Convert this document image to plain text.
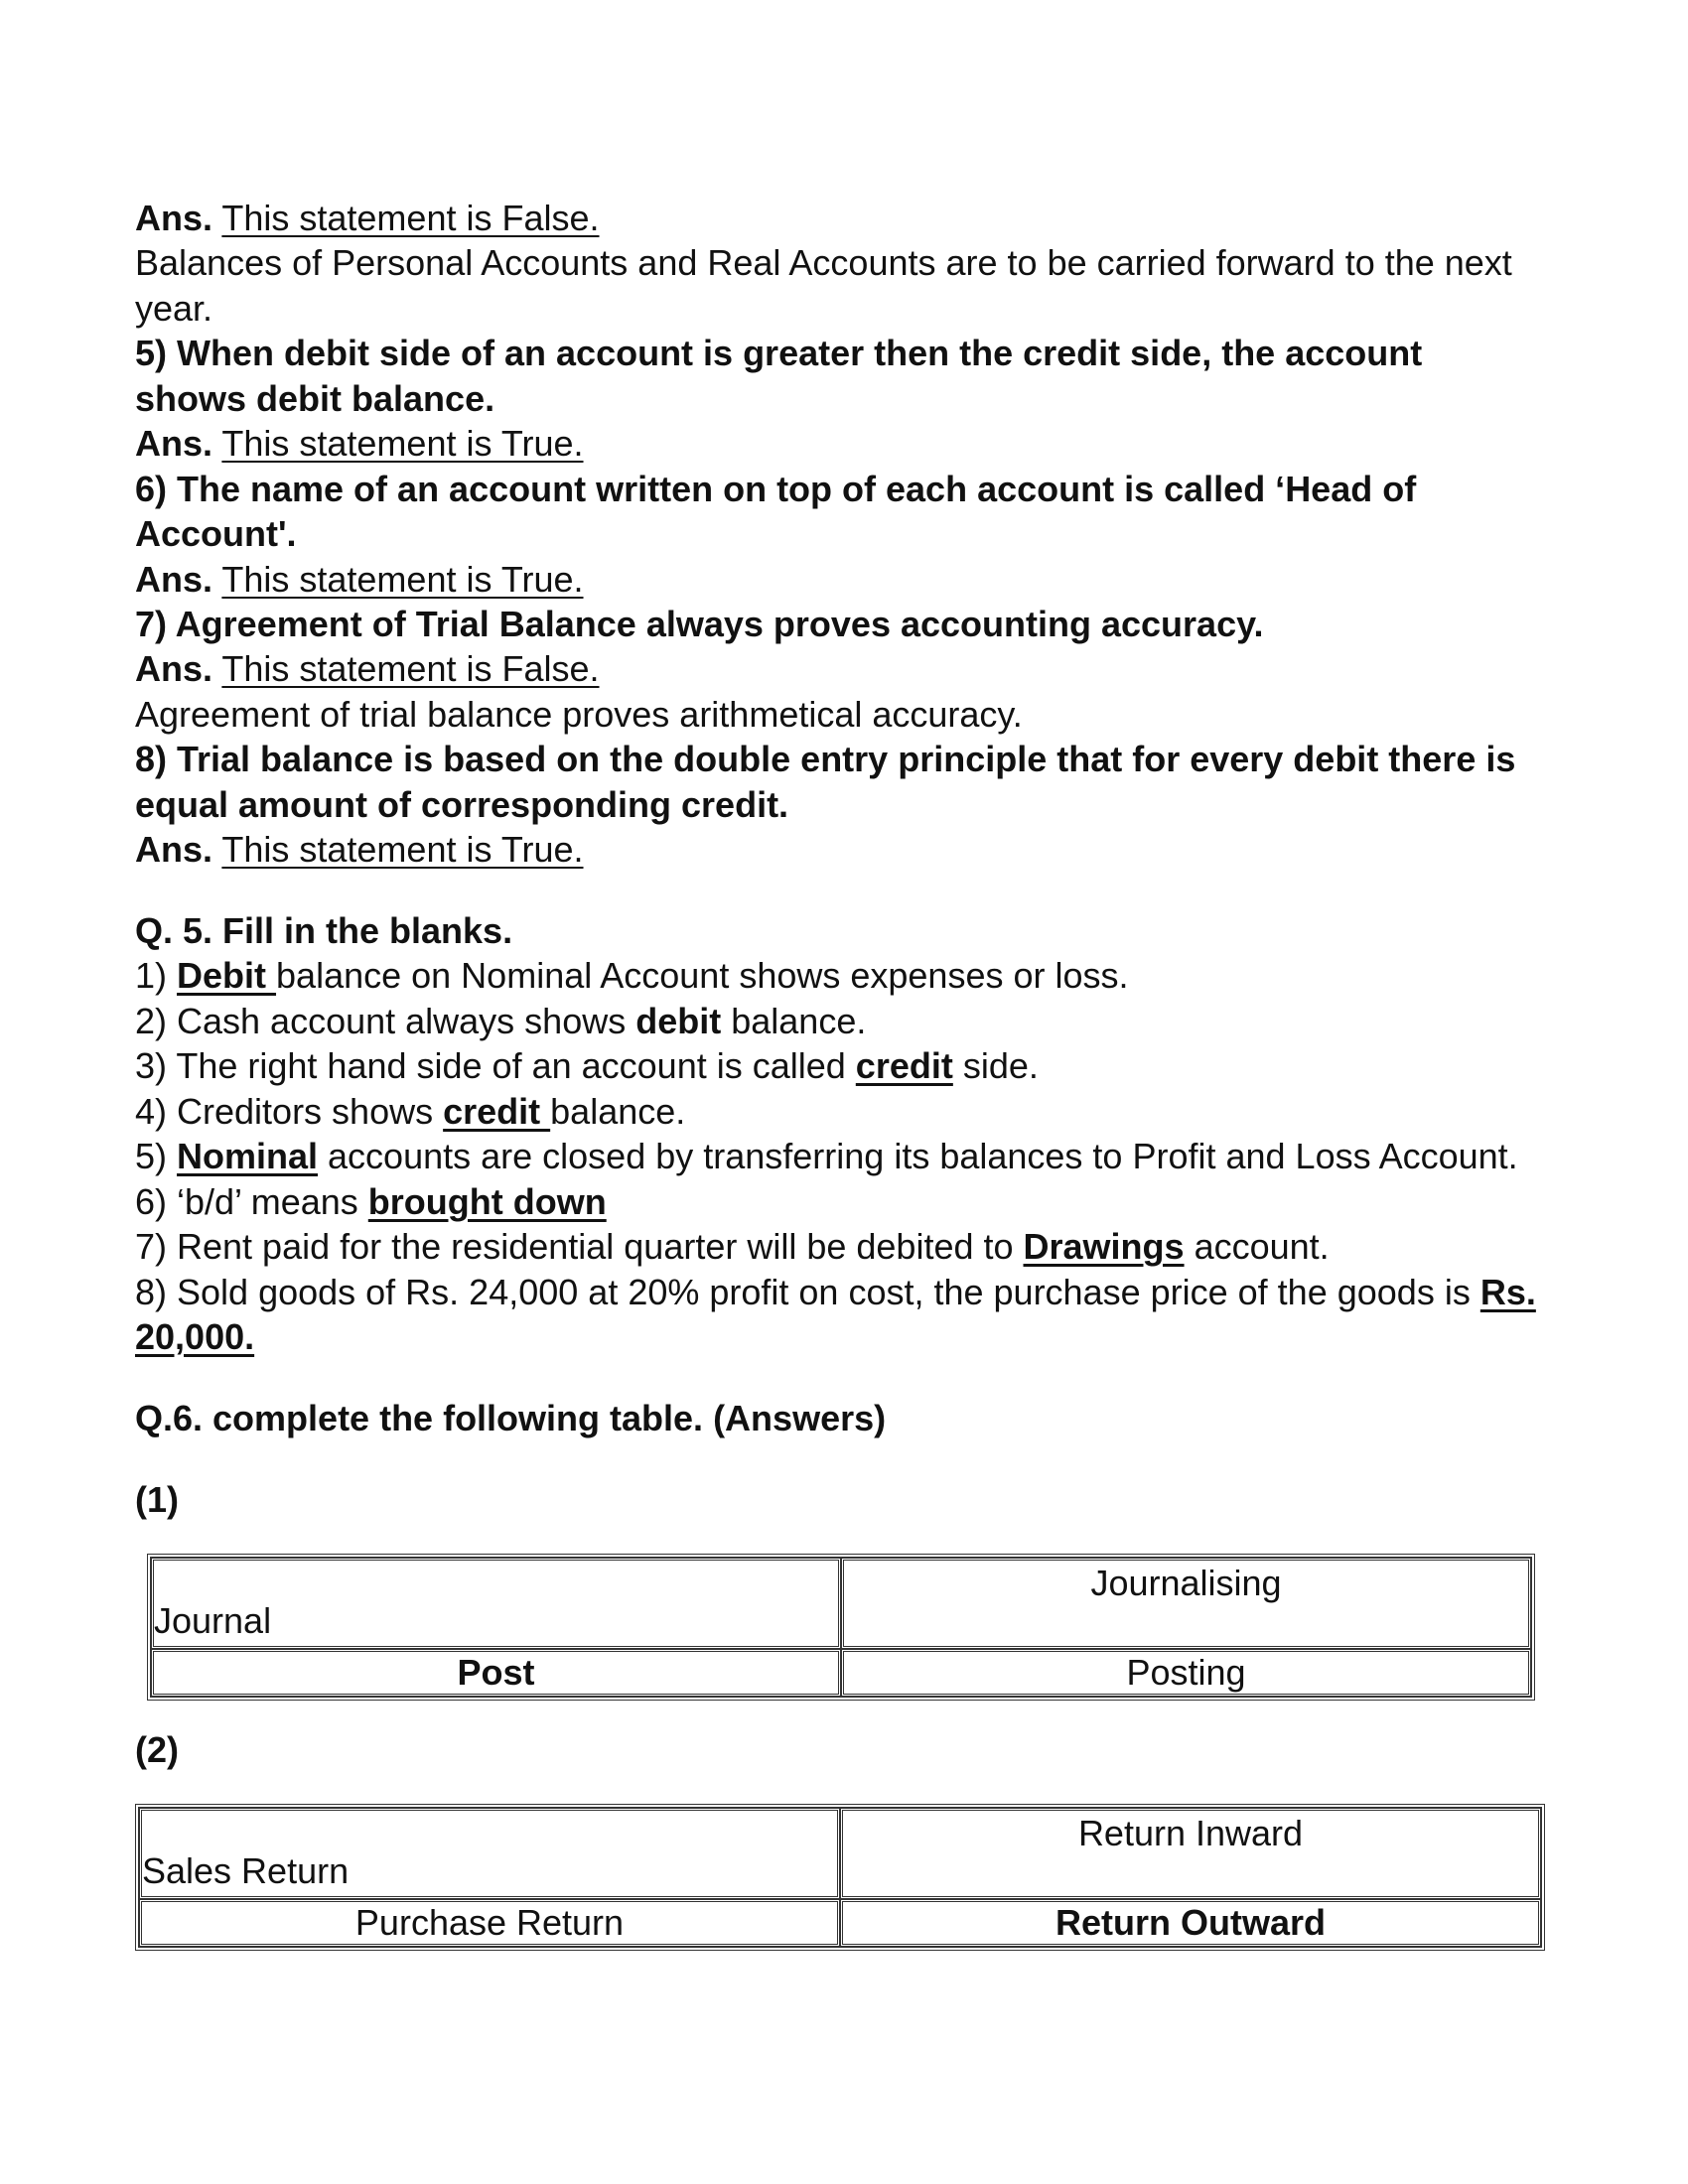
Ans. This statement is False.
Balances of Personal Accounts and Real Accounts are to be carried forward to the next
year.
5) When debit side of an account is greater then the credit side, the account
shows debit balance.
Ans. This statement is True.
6) The name of an account written on top of each account is called ‘Head of
Account'.
Ans. This statement is True.
7) Agreement of Trial Balance always proves accounting accuracy.
Ans. This statement is False.
Agreement of trial balance proves arithmetical accuracy.
8) Trial balance is based on the double entry principle that for every debit there is
equal amount of corresponding credit.
Ans. This statement is True.
Q. 5. Fill in the blanks.
1) Debit balance on Nominal Account shows expenses or loss.
2) Cash account always shows debit balance.
3) The right hand side of an account is called credit side.
4) Creditors shows credit balance.
5) Nominal accounts are closed by transferring its balances to Profit and Loss Account.
6) ‘b/d’ means brought down
7) Rent paid for the residential quarter will be debited to Drawings account.
8) Sold goods of Rs. 24,000 at 20% profit on cost, the purchase price of the goods is Rs.
20,000.
Q.6. complete the following table. (Answers)
(1)
Journal	Journalising

Post	Posting
(2)
Sales Return	Return Inward

Purchase Return	Return Outward
